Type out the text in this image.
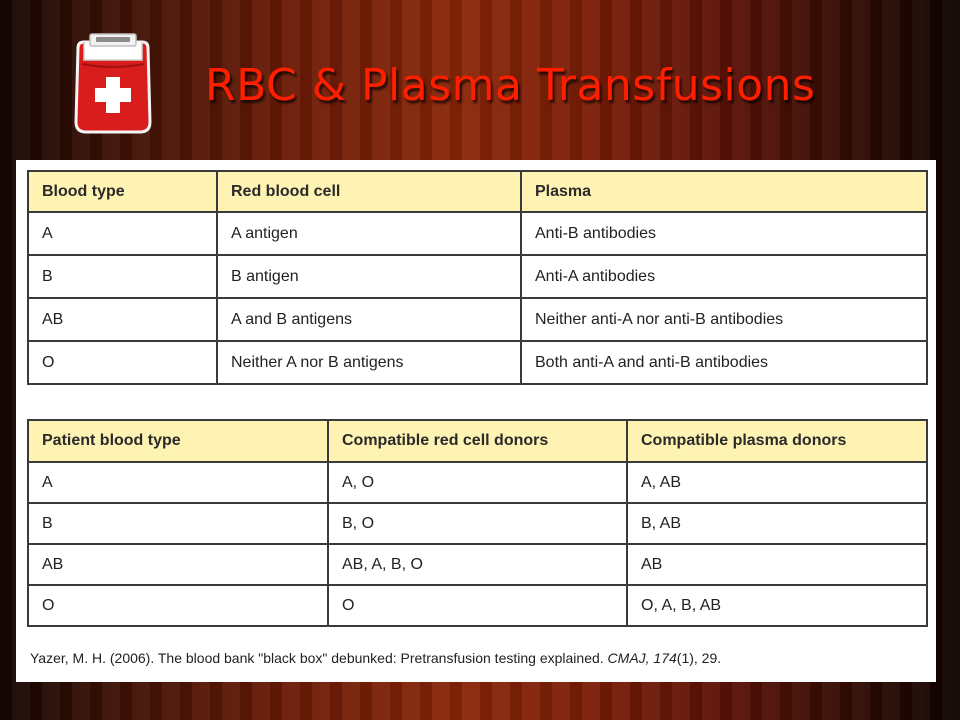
RBC & Plasma Transfusions
Blood type	Red blood cell	Plasma
A	A antigen	Anti-B antibodies
B	B antigen	Anti-A antibodies
AB	A and B antigens	Neither anti-A nor anti-B antibodies
O	Neither A nor B antigens	Both anti-A and anti-B antibodies
Patient blood type	Compatible red cell donors	Compatible plasma donors
A	A, O	A, AB
B	B, O	B, AB
AB	AB, A, B, O	AB
O	O	O, A, B, AB
Yazer, M. H. (2006). The blood bank "black box" debunked: Pretransfusion testing explained. CMAJ, 174(1), 29.
